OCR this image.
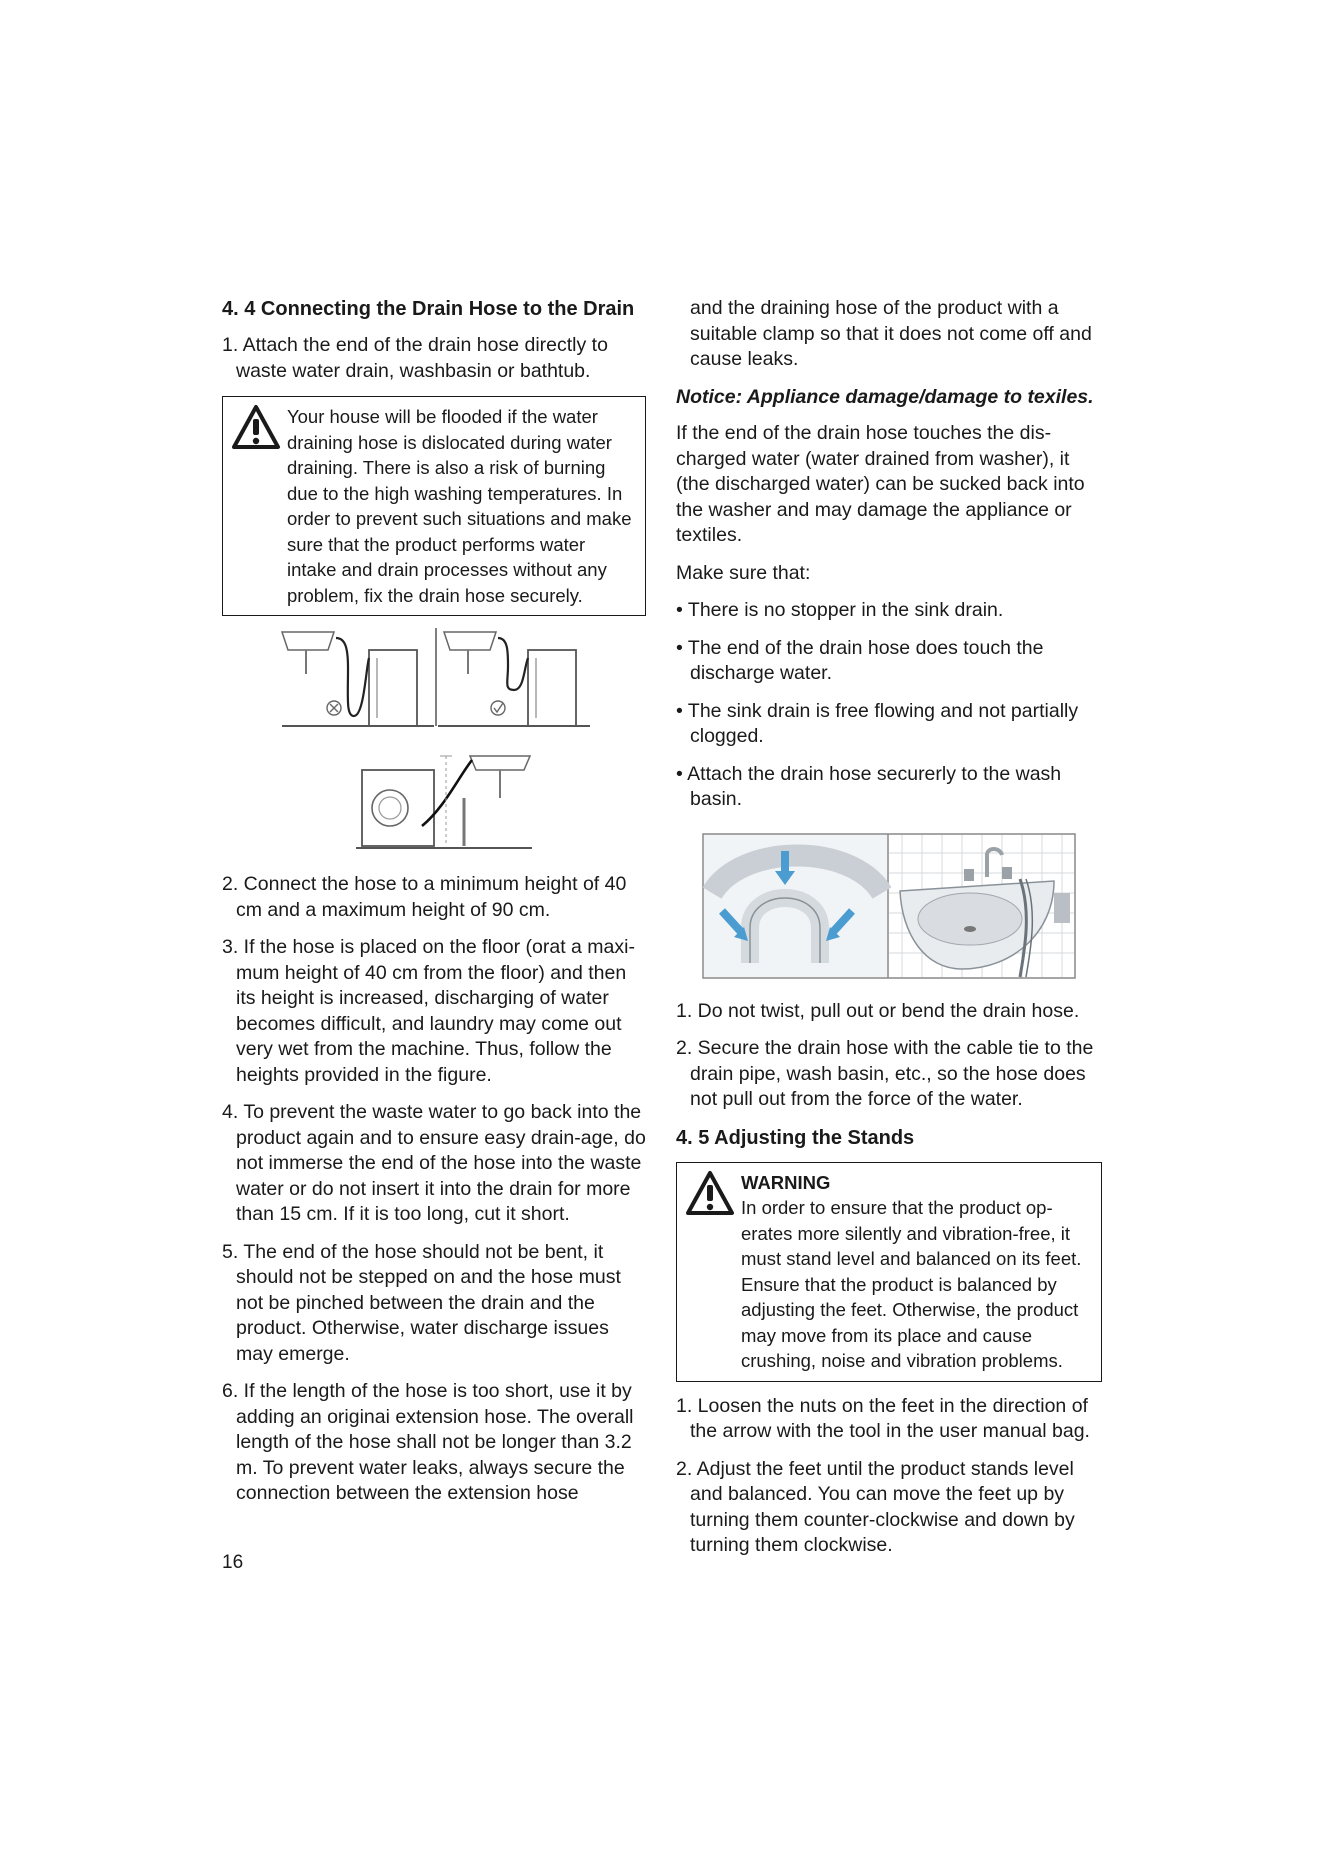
4. 4 Connecting the Drain Hose to the Drain
1. Attach the end of the drain hose directly to waste water drain, washbasin or bathtub.
Your house will be flooded if the water draining hose is dislocated during water draining. There is also a risk of burning due to the high washing temperatures. In order to prevent such situations and make sure that the product performs water intake and drain processes without any problem, fix the drain hose securely.
2. Connect the hose to a minimum height of 40 cm and a maximum height of 90 cm.
3. If the hose is placed on the floor (orat a maxi-mum height of 40 cm from the floor) and then its height is increased, discharging of water becomes difficult, and laundry may come out very wet from the machine. Thus, follow the heights provided in the figure.
4. To prevent the waste water to go back into the product again and to ensure easy drain-age, do not immerse the end of the hose into the waste water or do not insert it into the drain for more than 15 cm. If it is too long, cut it short.
5. The end of the hose should not be bent, it should not be stepped on and the hose must not be pinched between the drain and the product. Otherwise, water discharge issues may emerge.
6. If the length of the hose is too short, use it by adding an originai extension hose. The overall length of the hose shall not be longer than 3.2 m. To prevent water leaks, always secure the connection between the extension hose

and the draining hose of the product with a suitable clamp so that it does not come off and cause leaks.

Notice: Appliance damage/damage to texiles.

If the end of the drain hose touches the dis-charged water (water drained from washer), it (the discharged water) can be sucked back into the washer and may damage the appliance or textiles.

Make sure that:

• There is no stopper in the sink drain.
• The end of the drain hose does touch the discharge water.
• The sink drain is free flowing and not partially clogged.
• Attach the drain hose securerly to the wash basin.
1. Do not twist, pull out or bend the drain hose.
2. Secure the drain hose with the cable tie to the drain pipe, wash basin, etc., so the hose does not pull out from the force of the water.
4. 5 Adjusting the Stands
WARNING
In order to ensure that the product op-erates more silently and vibration-free, it must stand level and balanced on its feet. Ensure that the product is balanced by adjusting the feet. Otherwise, the product may move from its place and cause crushing, noise and vibration problems.
1. Loosen the nuts on the feet in the direction of the arrow with the tool in the user manual bag.
2. Adjust the feet until the product stands level and balanced. You can move the feet up by turning them counter-clockwise and down by turning them clockwise.
16
